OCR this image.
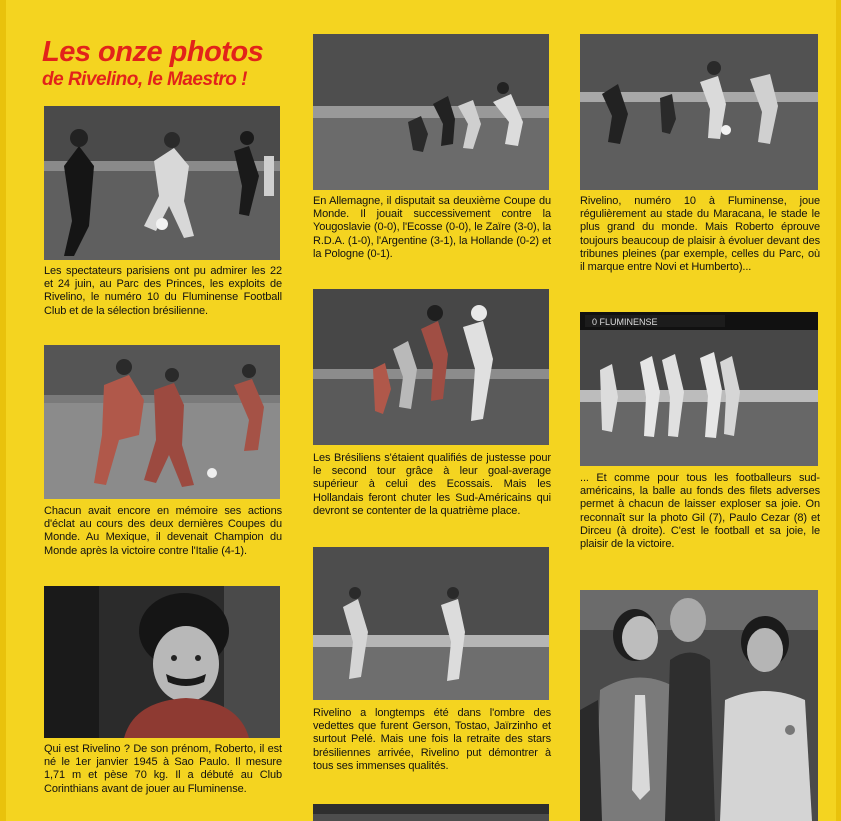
Les onze photos
de Rivelino, le Maestro !

Les spectateurs parisiens ont pu admirer les 22 et 24 juin, au Parc des Princes, les exploits de Rivelino, le numéro 10 du Fluminense Football Club et de la sélection brésilienne.

Chacun avait encore en mémoire ses actions d'éclat au cours des deux dernières Coupes du Monde. Au Mexique, il devenait Champion du Monde après la victoire contre l'Italie (4-1).

Qui est Rivelino ? De son prénom, Roberto, il est né le 1er janvier 1945 à Sao Paulo. Il mesure 1,71 m et pèse 70 kg. Il a débuté au Club Corinthians avant de jouer au Fluminense.

En Allemagne, il disputait sa deuxième Coupe du Monde. Il jouait successivement contre la Yougoslavie (0-0), l'Ecosse (0-0), le Zaïre (3-0), la R.D.A. (1-0), l'Argentine (3-1), la Hollande (0-2) et la Pologne (0-1).

Les Brésiliens s'étaient qualifiés de justesse pour le second tour grâce à leur goal-average supérieur à celui des Ecossais. Mais les Hollandais feront chuter les Sud-Américains qui devront se contenter de la quatrième place.

Rivelino a longtemps été dans l'ombre des vedettes que furent Gerson, Tostao, Jaïrzinho et surtout Pelé. Mais une fois la retraite des stars brésiliennes arrivée, Rivelino put démontrer à tous ses immenses qualités.

Rivelino, numéro 10 à Fluminense, joue régulièrement au stade du Maracana, le stade le plus grand du monde. Mais Roberto éprouve toujours beaucoup de plaisir à évoluer devant des tribunes pleines (par exemple, celles du Parc, où il marque entre Novi et Humberto)...

0 FLUMINENSE

... Et comme pour tous les footballeurs sud-américains, la balle au fonds des filets adverses permet à chacun de laisser exploser sa joie. On reconnaît sur la photo Gil (7), Paulo Cezar (8) et Dirceu (à droite). C'est le football et sa joie, le plaisir de la victoire.
